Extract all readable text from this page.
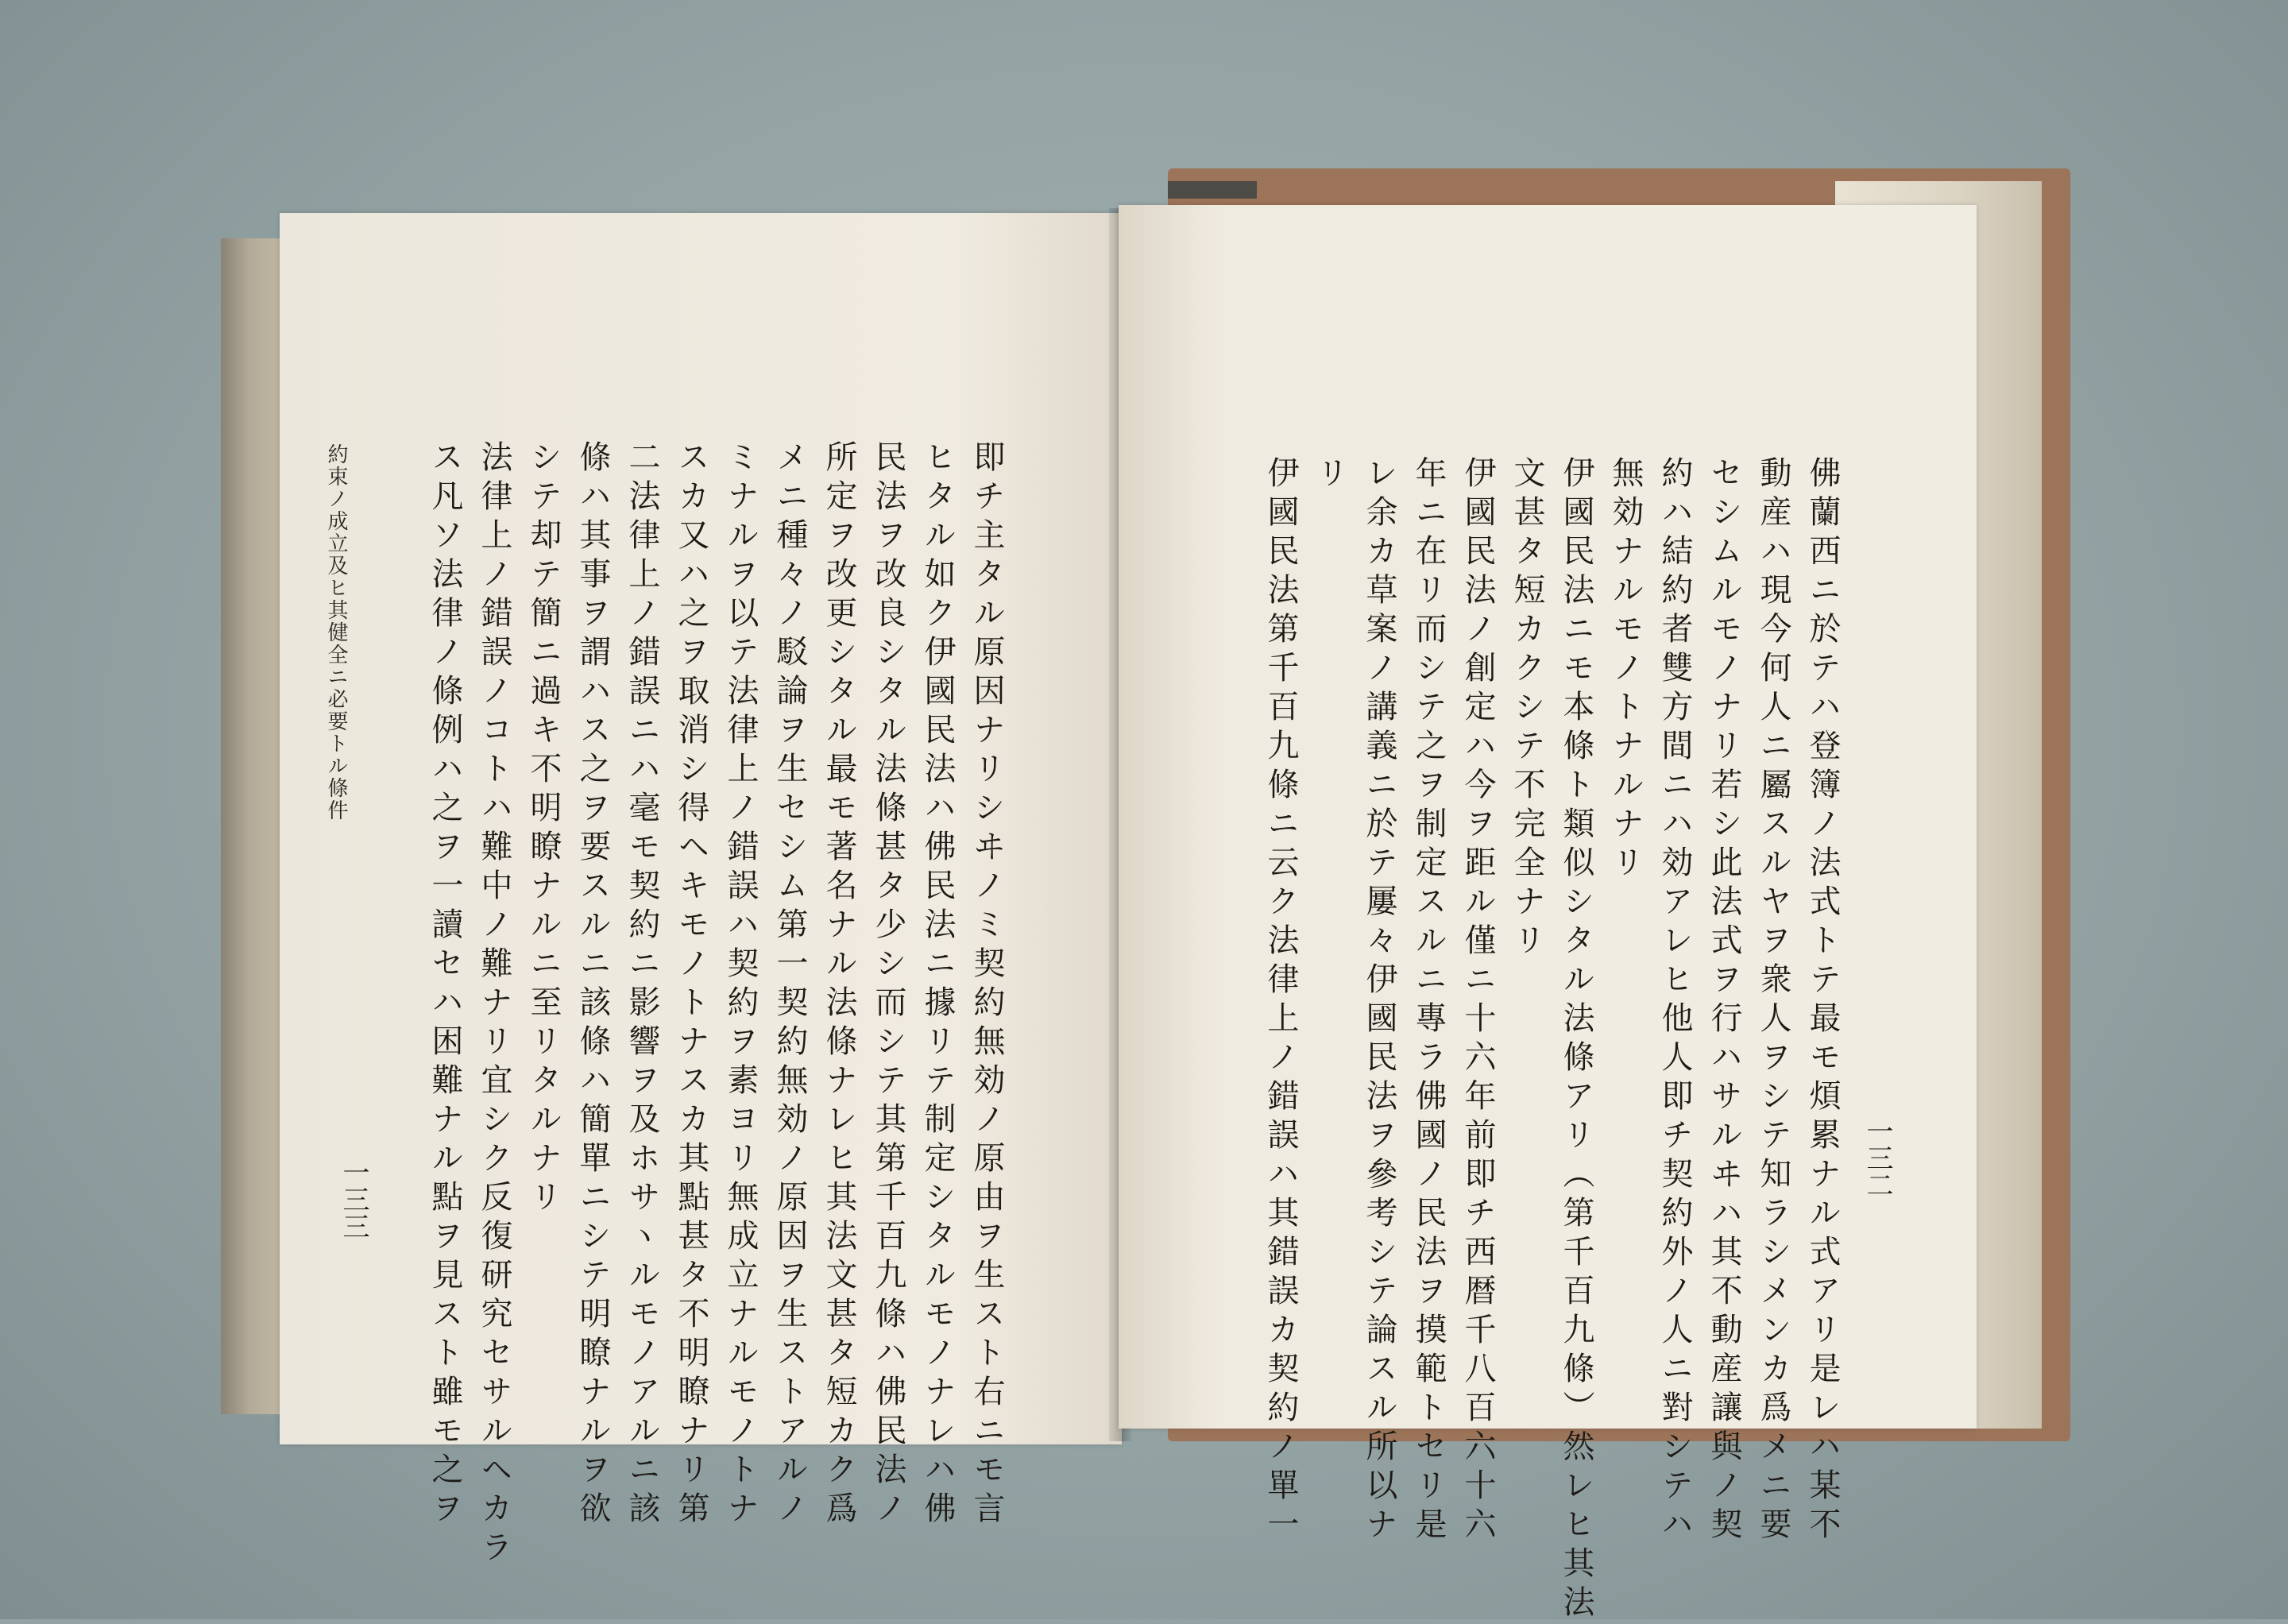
約束ノ成立及ヒ其健全ニ必要トル條件
一三三	即チ主タル原因ナリシヰノミ契約無効ノ原由ヲ生スト右ニモ言
ヒタル如ク伊國民法ハ佛民法ニ據リテ制定シタルモノナレハ佛
民法ヲ改良シタル法條甚タ少シ而シテ其第千百九條ハ佛民法ノ
所定ヲ改更シタル最モ著名ナル法條ナレヒ其法文甚タ短カク爲
メニ種々ノ駁論ヲ生セシム第一契約無効ノ原因ヲ生ストアルノ
ミナルヲ以テ法律上ノ錯誤ハ契約ヲ素ヨリ無成立ナルモノトナ
スカ又ハ之ヲ取消シ得ヘキモノトナスカ其點甚タ不明瞭ナリ第
二法律上ノ錯誤ニハ毫モ契約ニ影響ヲ及ホサヽルモノアルニ該
條ハ其事ヲ謂ハス之ヲ要スルニ該條ハ簡單ニシテ明瞭ナルヲ欲
シテ却テ簡ニ過キ不明瞭ナルニ至リタルナリ
法律上ノ錯誤ノコトハ難中ノ難ナリ宜シク反復研究セサルヘカラ
ス凡ソ法律ノ條例ハ之ヲ一讀セハ困難ナル點ヲ見スト雖モ之ヲ	一三二
佛蘭西ニ於テハ登簿ノ法式トテ最モ煩累ナル式アリ是レハ某不
動産ハ現今何人ニ屬スルヤヲ衆人ヲシテ知ラシメンカ爲メニ要
セシムルモノナリ若シ此法式ヲ行ハサルヰハ其不動産讓與ノ契
約ハ結約者雙方間ニハ効アレヒ他人即チ契約外ノ人ニ對シテハ
無効ナルモノトナルナリ
伊國民法ニモ本條ト類似シタル法條アリ（第千百九條）然レヒ其法
文甚タ短カクシテ不完全ナリ
伊國民法ノ創定ハ今ヲ距ル僅ニ十六年前即チ西暦千八百六十六
年ニ在リ而シテ之ヲ制定スルニ專ラ佛國ノ民法ヲ摸範トセリ是
レ余カ草案ノ講義ニ於テ屢々伊國民法ヲ參考シテ論スル所以ナ
リ
伊國民法第千百九條ニ云ク法律上ノ錯誤ハ其錯誤カ契約ノ單一
